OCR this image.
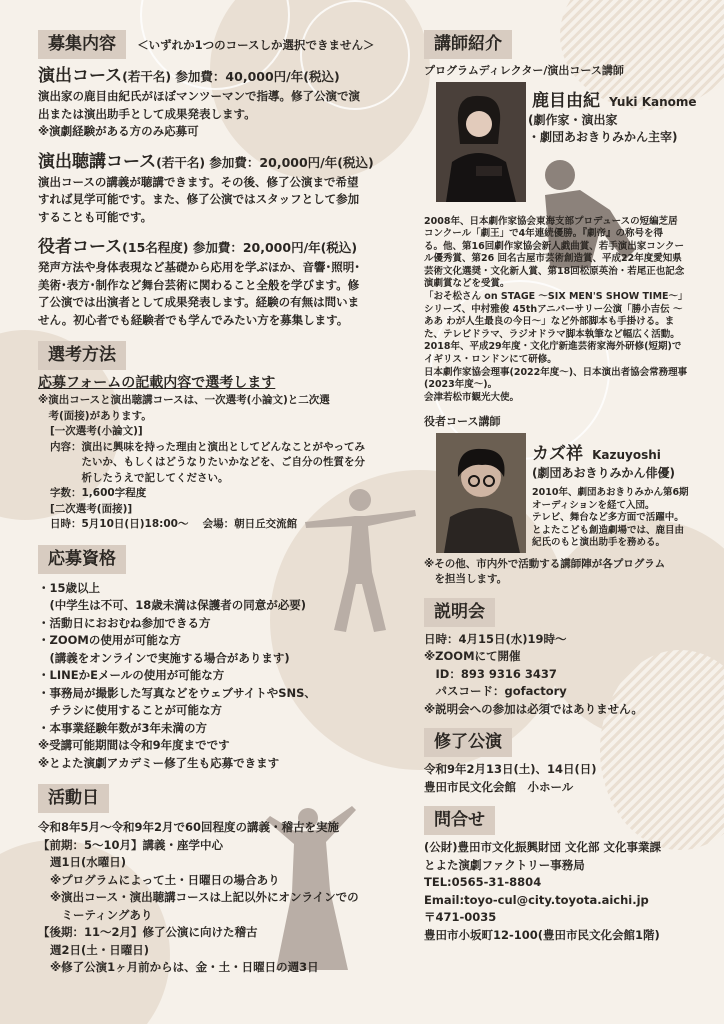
募集内容 ＜いずれか1つのコースしか選択できません＞
演出コース(若干名) 参加費：40,000円/年(税込)
演出家の鹿目由紀氏がほぼマンツーマンで指導。修了公演で演
出または演出助手として成果発表します。
※演劇経験がある方のみ応募可
演出聴講コース(若干名) 参加費：20,000円/年(税込)
演出コースの講義が聴講できます。その後、修了公演まで希望
すれば見学可能です。また、修了公演ではスタッフとして参加
することも可能です。
役者コース(15名程度) 参加費：20,000円/年(税込)
発声方法や身体表現など基礎から応用を学ぶほか、音響･照明･
美術･表方･制作など舞台芸術に関わること全般を学びます。修
了公演では出演者として成果発表します。経験の有無は問いま
せん。初心者でも経験者でも学んでみたい方を募集します。
選考方法
応募フォームの記載内容で選考します
※演出コースと演出聴講コースは、一次選考(小論文)と二次選
　考(面接)があります。
[一次選考(小論文)]
内容：演出に興味を持った理由と演出としてどんなことがやってみ
　　　たいか、もしくはどうなりたいかなどを、ご自分の性質を分
　　　析したうえで記してください。
字数：1,600字程度
[二次選考(面接)]
日時：5月10日(日)18:00～　 会場：朝日丘交流館
応募資格
・15歳以上
　(中学生は不可、18歳未満は保護者の同意が必要)
・活動日におおむね参加できる方
・ZOOMの使用が可能な方
　(講義をオンラインで実施する場合があります)
・LINEかEメールの使用が可能な方
・事務局が撮影した写真などをウェブサイトやSNS、
　チラシに使用することが可能な方
・本事業経験年数が3年未満の方
※受講可能期間は令和9年度までです
※とよた演劇アカデミー修了生も応募できます
活動日
令和8年5月～令和9年2月で60回程度の講義・稽古を実施
【前期：5～10月】講義・座学中心
週1日(水曜日)
※プログラムによって土・日曜日の場合あり
※演出コース・演出聴講コースは上記以外にオンラインでの
　ミーティングあり
【後期：11～2月】修了公演に向けた稽古
週2日(土・日曜日)
※修了公演1ヶ月前からは、金・土・日曜日の週3日
講師紹介
プログラムディレクター/演出コース講師
鹿目由紀 Yuki Kanome
(劇作家・演出家
・劇団あおきりみかん主宰)
2008年、日本劇作家協会東海支部プロデュースの短編芝居
コンクール「劇王」で4年連続優勝。『劇帝』の称号を得
る。他、第16回劇作家協会新人戯曲賞、若手演出家コンクー
ル優秀賞、第26 回名古屋市芸術創造賞、平成22年度愛知県
芸術文化選奨・文化新人賞、第18回松原英治・若尾正也記念
演劇賞などを受賞。
「おそ松さん on STAGE ～SIX MEN'S SHOW TIME～」
シリーズ、中村雅俊 45thアニバーサリー公演「勝小吉伝 ～
ああ わが人生最良の今日～」など外部脚本も手掛ける。ま
た、テレビドラマ、ラジオドラマ脚本執筆など幅広く活動。
2018年、平成29年度・文化庁新進芸術家海外研修(短期)で
イギリス・ロンドンにて研修。
日本劇作家協会理事(2022年度～)、日本演出者協会常務理事
(2023年度～)。
会津若松市観光大使。
役者コース講師
カズ祥 Kazuyoshi
(劇団あおきりみかん俳優)
2010年、劇団あおきりみかん第6期
オーディションを経て入団。
テレビ、舞台など多方面で活躍中。
とよたこども創造劇場では、鹿目由
紀氏のもと演出助手を務める。
※その他、市内外で活動する講師陣が各プログラム
　を担当します。
説明会
日時：4月15日(水)19時～
※ZOOMにて開催
　ID：893 9316 3437
　パスコード：gofactory
※説明会への参加は必須ではありません。
修了公演
令和9年2月13日(土)、14日(日)
豊田市民文化会館　小ホール
問合せ
(公財)豊田市文化振興財団 文化部 文化事業課
とよた演劇ファクトリー事務局
TEL:0565-31-8804
Email:toyo-cul@city.toyota.aichi.jp
〒471-0035
豊田市小坂町12-100(豊田市民文化会館1階)
